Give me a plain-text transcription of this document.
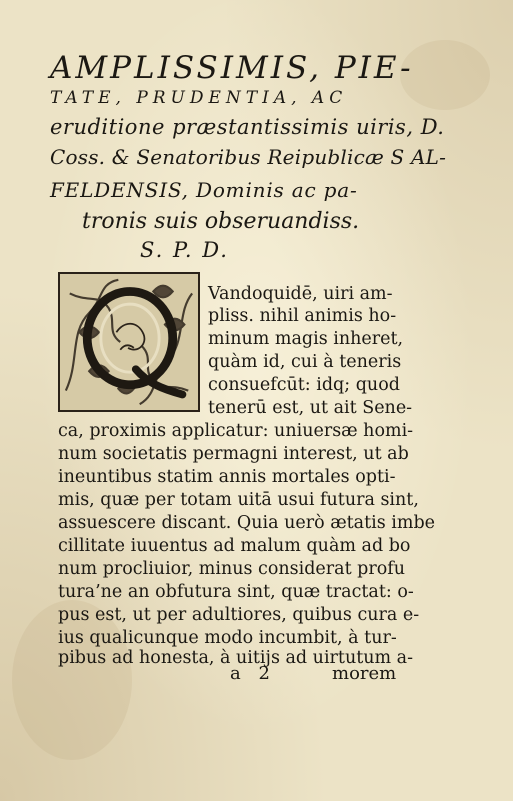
AMPLISSIMIS, PIE-
TATE, PRUDENTIA, AC
eruditione præstantissimis uiris, D.
Coss. & Senatoribus Reipublicæ S AL-
FELDENSIS, Dominis ac pa-
tronis suis obseruandiss.
S. P. D.
Vandoquidē, uiri am-
pliss. nihil animis ho-
minum magis inheret,
quàm id, cui à teneris
consuefcūt: idq; quod
tenerū est, ut ait Sene-
ca, proximis applicatur: uniuersæ homi-
num societatis permagni interest, ut ab
ineuntibus statim annis mortales opti-
mis, quæ per totam uitā usui futura sint,
assuescere discant. Quia uerò ætatis imbe
cillitate iuuentus ad malum quàm ad bo
num procliuior, minus considerat profu
tura’ne an obfutura sint, quæ tractat: o-
pus est, ut per adultiores, quibus cura e-
ius qualicunque modo incumbit, à tur-
pibus ad honesta, à uitijs ad uirtutum a-
a 2	morem
